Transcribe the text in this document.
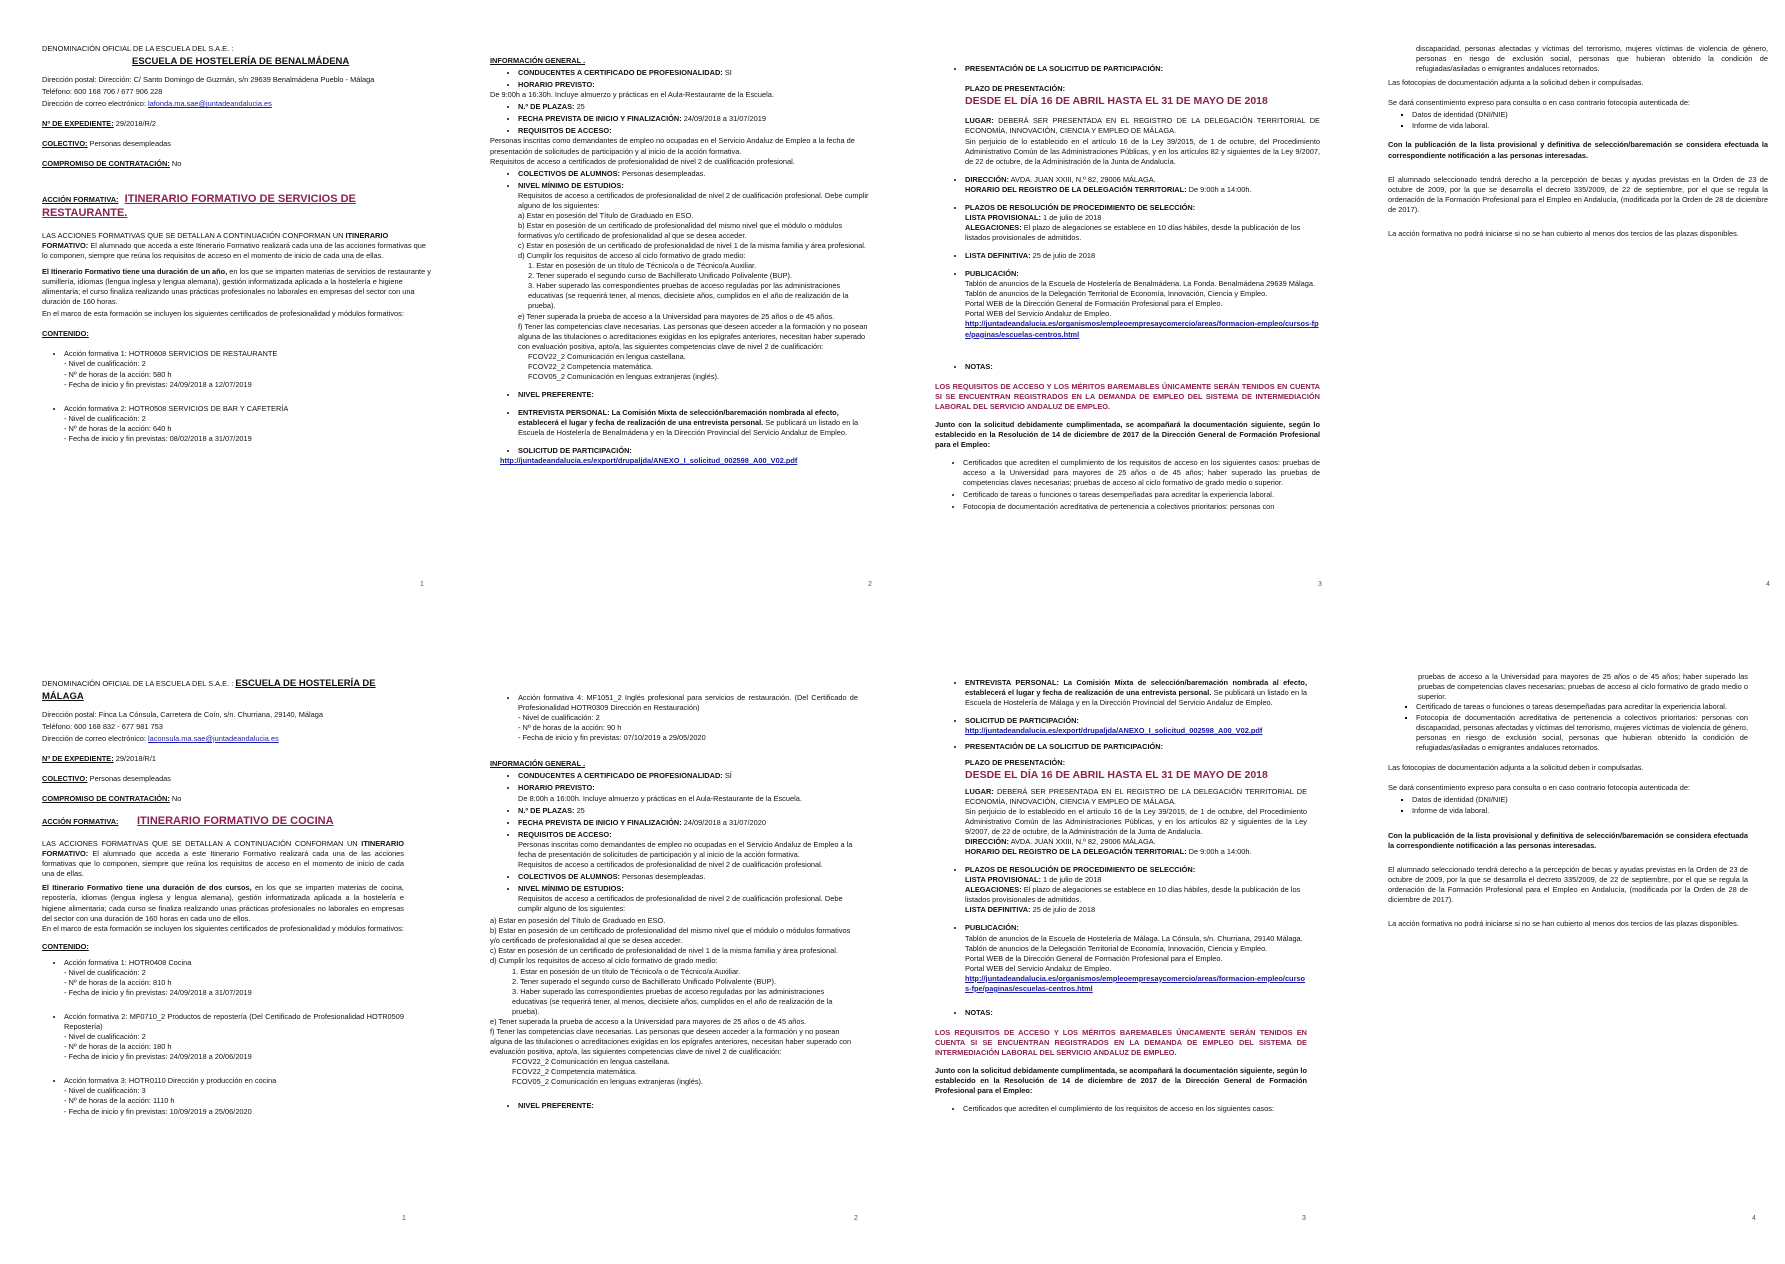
DENOMINACIÓN OFICIAL DE LA ESCUELA DEL S.A.E. :
ESCUELA DE HOSTELERÍA DE BENALMÁDENA
Dirección postal: Dirección: C/ Santo Domingo de Guzmán, s/n 29639 Benalmádena Pueblo - Málaga
Teléfono: 600 168 706 / 677 906 228
Dirección de correo electrónico: lafonda.ma.sae@juntadeandalucia.es
Nº DE EXPEDIENTE: 29/2018/R/2
COLECTIVO: Personas desempleadas
COMPROMISO DE CONTRATACIÓN: No
ACCIÓN FORMATIVA: ITINERARIO FORMATIVO DE SERVICIOS DE RESTAURANTE.
LAS ACCIONES FORMATIVAS QUE SE DETALLAN A CONTINUACIÓN CONFORMAN UN ITINERARIO FORMATIVO: El alumnado que acceda a este Itinerario Formativo realizará cada una de las acciones formativas que lo componen, siempre que reúna los requisitos de acceso en el momento de inicio de cada una de ellas.
El Itinerario Formativo tiene una duración de un año, en los que se imparten materias de servicios de restaurante y sumillería, idiomas (lengua inglesa y lengua alemana), gestión informatizada aplicada a la hostelería e higiene alimentaria; el curso finaliza realizando unas prácticas profesionales no laborales en empresas del sector con una duración de 160 horas.
En el marco de esta formación se incluyen los siguientes certificados de profesionalidad y módulos formativos:
CONTENIDO:
• Acción formativa 1: HOTR0608 SERVICIOS DE RESTAURANTE
- Nivel de cualificación: 2
- Nº de horas de la acción: 580 h
- Fecha de inicio y fin previstas: 24/09/2018 a 12/07/2019
• Acción formativa 2: HOTR0508 SERVICIOS DE BAR Y CAFETERÍA
- Nivel de cualificación: 2
- Nº de horas de la acción: 640 h
- Fecha de inicio y fin previstas: 08/02/2018 a 31/07/2019
1
INFORMACIÓN GENERAL .
• CONDUCENTES A CERTIFICADO DE PROFESIONALIDAD: SI
• HORARIO PREVISTO:
De 9:00h a 16:30h. Incluye almuerzo y prácticas en el Aula-Restaurante de la Escuela.
• N.º DE PLAZAS: 25
• FECHA PREVISTA DE INICIO Y FINALIZACIÓN: 24/09/2018 a 31/07/2019
• REQUISITOS DE ACCESO:
Personas inscritas como demandantes de empleo no ocupadas en el Servicio Andaluz de Empleo a la fecha de presentación de solicitudes de participación y al inicio de la acción formativa.
Requisitos de acceso a certificados de profesionalidad de nivel 2 de cualificación profesional.
• COLECTIVOS DE ALUMNOS: Personas desempleadas.
• NIVEL MÍNIMO DE ESTUDIOS:
Requisitos de acceso a certificados de profesionalidad de nivel 2 de cualificación profesional. Debe cumplir alguno de los siguientes:
a) Estar en posesión del Título de Graduado en ESO.
b) Estar en posesión de un certificado de profesionalidad del mismo nivel que el módulo o módulos formativos y/o certificado de profesionalidad al que se desea acceder.
c) Estar en posesión de un certificado de profesionalidad de nivel 1 de la misma familia y área profesional.
d) Cumplir los requisitos de acceso al ciclo formativo de grado medio:
1. Estar en posesión de un título de Técnico/a o de Técnico/a Auxiliar.
2. Tener superado el segundo curso de Bachillerato Unificado Polivalente (BUP).
3. Haber superado las correspondientes pruebas de acceso reguladas por las administraciones educativas (se requerirá tener, al menos, diecisiete años, cumplidos en el año de realización de la prueba).
e) Tener superada la prueba de acceso a la Universidad para mayores de 25 años o de 45 años.
f) Tener las competencias clave necesarias. Las personas que deseen acceder a la formación y no posean alguna de las titulaciones o acreditaciones exigidas en los epígrafes anteriores, necesitan haber superado con evaluación positiva, apto/a, las siguientes competencias clave de nivel 2 de cualificación:
FCOV22_2 Comunicación en lengua castellana.
FCOV22_2 Competencia matemática.
FCOV05_2 Comunicación en lenguas extranjeras (inglés).
• NIVEL PREFERENTE:
• ENTREVISTA PERSONAL: La Comisión Mixta de selección/baremación nombrada al efecto, establecerá el lugar y fecha de realización de una entrevista personal. Se publicará un listado en la Escuela de Hostelería de Benalmádena y en la Dirección Provincial del Servicio Andaluz de Empleo.
• SOLICITUD DE PARTICIPACIÓN:
http://juntadeandalucia.es/export/drupaljda/ANEXO_I_solicitud_002598_A00_V02.pdf
2
• PRESENTACIÓN DE LA SOLICITUD DE PARTICIPACIÓN:
PLAZO DE PRESENTACIÓN:
DESDE EL DÍA 16 DE ABRIL HASTA EL 31 DE MAYO DE 2018
LUGAR: DEBERÁ SER PRESENTADA EN EL REGISTRO DE LA DELEGACIÓN TERRITORIAL DE ECONOMÍA, INNOVACIÓN, CIENCIA Y EMPLEO DE MÁLAGA.
Sin perjuicio de lo establecido en el artículo 16 de la Ley 39/2015, de 1 de octubre, del Procedimiento Administrativo Común de las Administraciones Públicas, y en los artículos 82 y siguientes de la Ley 9/2007, de 22 de octubre, de la Administración de la Junta de Andalucía.
• DIRECCIÓN: AVDA. JUAN XXIII, N.º 82, 29006 MÁLAGA.
HORARIO DEL REGISTRO DE LA DELEGACIÓN TERRITORIAL: De 9:00h a 14:00h.
• PLAZOS DE RESOLUCIÓN DE PROCEDIMIENTO DE SELECCIÓN:
LISTA PROVISIONAL: 1 de julio de 2018
ALEGACIONES: El plazo de alegaciones se establece en 10 días hábiles, desde la publicación de los listados provisionales de admitidos.
• LISTA DEFINITIVA: 25 de julio de 2018
• PUBLICACIÓN:
Tablón de anuncios de la Escuela de Hostelería de Benalmádena. La Fonda. Benalmádena 29639 Málaga.
Tablón de anuncios de la Delegación Territorial de Economía, Innovación, Ciencia y Empleo.
Portal WEB de la Dirección General de Formación Profesional para el Empleo.
Portal WEB del Servicio Andaluz de Empleo.
http://juntadeandalucia.es/organismos/empleoempresaycomercio/areas/formacion-empleo/cursos-fpe/paginas/escuelas-centros.html
• NOTAS:
LOS REQUISITOS DE ACCESO Y LOS MÉRITOS BAREMABLES ÚNICAMENTE SERÁN TENIDOS EN CUENTA SI SE ENCUENTRAN REGISTRADOS EN LA DEMANDA DE EMPLEO DEL SISTEMA DE INTERMEDIACIÓN LABORAL DEL SERVICIO ANDALUZ DE EMPLEO.
Junto con la solicitud debidamente cumplimentada, se acompañará la documentación siguiente, según lo establecido en la Resolución de 14 de diciembre de 2017 de la Dirección General de Formación Profesional para el Empleo:
• Certificados que acrediten el cumplimiento de los requisitos de acceso en los siguientes casos: pruebas de acceso a la Universidad para mayores de 25 años o de 45 años; haber superado las pruebas de competencias claves necesarias; pruebas de acceso al ciclo formativo de grado medio o superior.
• Certificado de tareas o funciones o tareas desempeñadas para acreditar la experiencia laboral.
• Fotocopia de documentación acreditativa de pertenencia a colectivos prioritarios: personas con
3
discapacidad, personas afectadas y víctimas del terrorismo, mujeres víctimas de violencia de género, personas en riesgo de exclusión social, personas que hubieran obtenido la condición de refugiadas/asiladas o emigrantes andaluces retornados.
Las fotocopias de documentación adjunta a la solicitud deben ir compulsadas.
Se dará consentimiento expreso para consulta o en caso contrario fotocopia autenticada de:
▪ Datos de identidad (DNI/NIE)
▪ Informe de vida laboral.
Con la publicación de la lista provisional y definitiva de selección/baremación se considera efectuada la correspondiente notificación a las personas interesadas.
El alumnado seleccionado tendrá derecho a la percepción de becas y ayudas previstas en la Orden de 23 de octubre de 2009, por la que se desarrolla el decreto 335/2009, de 22 de septiembre, por el que se regula la ordenación de la Formación Profesional para el Empleo en Andalucía, (modificada por la Orden de 28 de diciembre de 2017).
La acción formativa no podrá iniciarse si no se han cubierto al menos dos tercios de las plazas disponibles.
4
DENOMINACIÓN OFICIAL DE LA ESCUELA DEL S.A.E. : ESCUELA DE HOSTELERÍA DE MÁLAGA
Dirección postal: Finca La Cónsula, Carretera de Coín, s/n. Churriana, 29140, Málaga
Teléfono: 600 168 832 - 677 981 753
Dirección de correo electrónico: laconsula.ma.sae@juntadeandalucia.es
Nº DE EXPEDIENTE: 29/2018/R/1
COLECTIVO: Personas desempleadas
COMPROMISO DE CONTRATACIÓN: No
ACCIÓN FORMATIVA: ITINERARIO FORMATIVO DE COCINA
LAS ACCIONES FORMATIVAS QUE SE DETALLAN A CONTINUACIÓN CONFORMAN UN ITINERARIO FORMATIVO: El alumnado que acceda a este Itinerario Formativo realizará cada una de las acciones formativas que lo componen, siempre que reúna los requisitos de acceso en el momento de inicio de cada una de ellas.
El Itinerario Formativo tiene una duración de dos cursos, en los que se imparten materias de cocina, repostería, idiomas (lengua inglesa y lengua alemana), gestión informatizada aplicada a la hostelería e higiene alimentaria; cada curso se finaliza realizando unas prácticas profesionales no laborales en empresas del sector con una duración de 160 horas en cada uno de ellos.
En el marco de esta formación se incluyen los siguientes certificados de profesionalidad y módulos formativos:
CONTENIDO:
• Acción formativa 1: HOTR0408 Cocina
- Nivel de cualificación: 2
- Nº de horas de la acción: 810 h
- Fecha de inicio y fin previstas: 24/09/2018 a 31/07/2019
• Acción formativa 2: MF0710_2 Productos de repostería (Del Certificado de Profesionalidad HOTR0509 Repostería)
- Nivel de cualificación: 2
- Nº de horas de la acción: 180 h
- Fecha de inicio y fin previstas: 24/09/2018 a 20/06/2019
• Acción formativa 3: HOTR0110 Dirección y producción en cocina
- Nivel de cualificación: 3
- Nº de horas de la acción: 1110 h
- Fecha de inicio y fin previstas: 10/09/2019 a 25/06/2020
1
• Acción formativa 4: MF1051_2 Inglés profesional para servicios de restauración. (Del Certificado de Profesionalidad HOTR0309 Dirección en Restauración)
- Nivel de cualificación: 2
- Nº de horas de la acción: 90 h
- Fecha de inicio y fin previstas: 07/10/2019 a 29/05/2020
INFORMACIÓN GENERAL .
• CONDUCENTES A CERTIFICADO DE PROFESIONALIDAD: SÍ
• HORARIO PREVISTO:
De 8:00h a 16:00h. Incluye almuerzo y prácticas en el Aula-Restaurante de la Escuela.
• N.º DE PLAZAS: 25
• FECHA PREVISTA DE INICIO Y FINALIZACIÓN: 24/09/2018 a 31/07/2020
• REQUISITOS DE ACCESO:
Personas inscritas como demandantes de empleo no ocupadas en el Servicio Andaluz de Empleo a la fecha de presentación de solicitudes de participación y al inicio de la acción formativa.
Requisitos de acceso a certificados de profesionalidad de nivel 2 de cualificación profesional.
• COLECTIVOS DE ALUMNOS: Personas desempleadas.
• NIVEL MÍNIMO DE ESTUDIOS:
Requisitos de acceso a certificados de profesionalidad de nivel 2 de cualificación profesional. Debe cumplir alguno de los siguientes:
a) Estar en posesión del Título de Graduado en ESO.
b) Estar en posesión de un certificado de profesionalidad del mismo nivel que el módulo o módulos formativos y/o certificado de profesionalidad al que se desea acceder.
c) Estar en posesión de un certificado de profesionalidad de nivel 1 de la misma familia y área profesional.
d) Cumplir los requisitos de acceso al ciclo formativo de grado medio:
1. Estar en posesión de un título de Técnico/a o de Técnico/a Auxiliar.
2. Tener superado el segundo curso de Bachillerato Unificado Polivalente (BUP).
3. Haber superado las correspondientes pruebas de acceso reguladas por las administraciones educativas (se requerirá tener, al menos, diecisiete años, cumplidos en el año de realización de la prueba).
e) Tener superada la prueba de acceso a la Universidad para mayores de 25 años o de 45 años.
f) Tener las competencias clave necesarias. Las personas que deseen acceder a la formación y no posean alguna de las titulaciones o acreditaciones exigidas en los epígrafes anteriores, necesitan haber superado con evaluación positiva, apto/a, las siguientes competencias clave de nivel 2 de cualificación:
FCOV22_2 Comunicación en lengua castellana.
FCOV22_2 Competencia matemática.
FCOV05_2 Comunicación en lenguas extranjeras (inglés).
• NIVEL PREFERENTE:
2
• ENTREVISTA PERSONAL: La Comisión Mixta de selección/baremación nombrada al efecto, establecerá el lugar y fecha de realización de una entrevista personal. Se publicará un listado en la Escuela de Hostelería de Málaga y en la Dirección Provincial del Servicio Andaluz de Empleo.
• SOLICITUD DE PARTICIPACIÓN:
http://juntadeandalucia.es/export/drupaljda/ANEXO_I_solicitud_002598_A00_V02.pdf
• PRESENTACIÓN DE LA SOLICITUD DE PARTICIPACIÓN:
PLAZO DE PRESENTACIÓN:
DESDE EL DÍA 16 DE ABRIL HASTA EL 31 DE MAYO DE 2018
LUGAR: DEBERÁ SER PRESENTADA EN EL REGISTRO DE LA DELEGACIÓN TERRITORIAL DE ECONOMÍA, INNOVACIÓN, CIENCIA Y EMPLEO DE MÁLAGA.
Sin perjuicio de lo establecido en el artículo 16 de la Ley 39/2015, de 1 de octubre, del Procedimiento Administrativo Común de las Administraciones Públicas, y en los artículos 82 y siguientes de la Ley 9/2007, de 22 de octubre, de la Administración de la Junta de Andalucía.
DIRECCIÓN: AVDA. JUAN XXIII, N.º 82, 29006 MÁLAGA.
HORARIO DEL REGISTRO DE LA DELEGACIÓN TERRITORIAL: De 9:00h a 14:00h.
• PLAZOS DE RESOLUCIÓN DE PROCEDIMIENTO DE SELECCIÓN:
LISTA PROVISIONAL: 1 de julio de 2018
ALEGACIONES: El plazo de alegaciones se establece en 10 días hábiles, desde la publicación de los listados provisionales de admitidos.
LISTA DEFINITIVA: 25 de julio de 2018
• PUBLICACIÓN:
Tablón de anuncios de la Escuela de Hostelería de Málaga. La Cónsula, s/n. Churriana, 29140 Málaga.
Tablón de anuncios de la Delegación Territorial de Economía, Innovación, Ciencia y Empleo.
Portal WEB de la Dirección General de Formación Profesional para el Empleo.
Portal WEB del Servicio Andaluz de Empleo.
http://juntadeandalucia.es/organismos/empleoempresaycomercio/areas/formacion-empleo/cursos-fpe/paginas/escuelas-centros.html
• NOTAS:
LOS REQUISITOS DE ACCESO Y LOS MÉRITOS BAREMABLES ÚNICAMENTE SERÁN TENIDOS EN CUENTA SI SE ENCUENTRAN REGISTRADOS EN LA DEMANDA DE EMPLEO DEL SISTEMA DE INTERMEDIACIÓN LABORAL DEL SERVICIO ANDALUZ DE EMPLEO.
Junto con la solicitud debidamente cumplimentada, se acompañará la documentación siguiente, según lo establecido en la Resolución de 14 de diciembre de 2017 de la Dirección General de Formación Profesional para el Empleo:
• Certificados que acrediten el cumplimiento de los requisitos de acceso en los siguientes casos:
3
pruebas de acceso a la Universidad para mayores de 25 años o de 45 años; haber superado las pruebas de competencias claves necesarias; pruebas de acceso al ciclo formativo de grado medio o superior.
▪ Certificado de tareas o funciones o tareas desempeñadas para acreditar la experiencia laboral.
▪ Fotocopia de documentación acreditativa de pertenencia a colectivos prioritarios: personas con discapacidad, personas afectadas y víctimas del terrorismo, mujeres víctimas de violencia de género, personas en riesgo de exclusión social, personas que hubieran obtenido la condición de refugiadas/asiladas o emigrantes andaluces retornados.
Las fotocopias de documentación adjunta a la solicitud deben ir compulsadas.
Se dará consentimiento expreso para consulta o en caso contrario fotocopia autenticada de:
▪ Datos de identidad (DNI/NIE)
▪ Informe de vida laboral.
Con la publicación de la lista provisional y definitiva de selección/baremación se considera efectuada la correspondiente notificación a las personas interesadas.
El alumnado seleccionado tendrá derecho a la percepción de becas y ayudas previstas en la Orden de 23 de octubre de 2009, por la que se desarrolla el decreto 335/2009, de 22 de septiembre, por el que se regula la ordenación de la Formación Profesional para el Empleo en Andalucía, (modificada por la Orden de 28 de diciembre de 2017).
La acción formativa no podrá iniciarse si no se han cubierto al menos dos tercios de las plazas disponibles.
4
